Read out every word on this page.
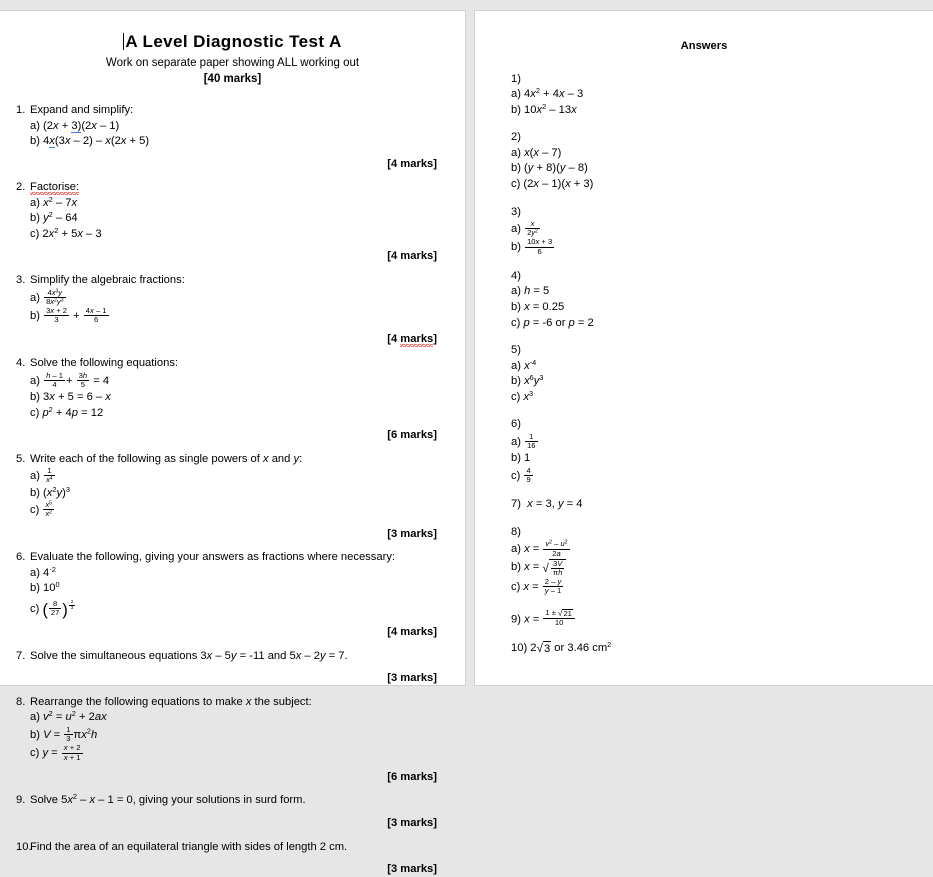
A Level Diagnostic Test A
Work on separate paper showing ALL working out
[40 marks]
1. Expand and simplify:
a) (2x + 3)(2x – 1)
b) 4x(3x – 2) – x(2x + 5)
[4 marks]
2. Factorise:
a) $x^2 - 7x$
b) $y^2 - 64$
c) $2x^2 + 5x - 3$
[4 marks]
3. Simplify the algebraic fractions:
$a) \frac{4x^3y}{8x^2y^3}$
$b) \frac{3x + 2}{3} + \frac{4x - 1}{6}$
[4 marks]
4. Solve the following equations:
$a) \frac{h - 1}{4} + \frac{3h}{5} = 4$
b) 3x + 5 = 6 – x
c) $p^2 + 4p = 12$
[6 marks]
5. Write each of the following as single powers of x and y:
$a) \frac{1}{x^4}$
b) $(x^2y)^3$
$c) \frac{x^5}{x^2}$
[3 marks]
6. Evaluate the following, giving your answers as fractions where necessary:
a) $4^{-2}$
b) $10^0$
c) ( $\frac{8}{27}$ ) $^{\frac{2}{3}}$
[4 marks]
7. Solve the simultaneous equations 3x – 5y = -11 and 5x – 2y = 7.
[3 marks]
8. Rearrange the following equations to make x the subject:
a) $v^2 = u^2 + 2ax$
b) $V = \frac{1}{3} \pi x^2h$
c) $y = \frac{x + 2}{x + 1}$
[6 marks]
9. Solve $5x^2 - x - 1 = 0$, giving your solutions in surd form.
[3 marks]
10.
Find the area of an equilateral triangle with sides of length 2 cm.
[3 marks]
Answers
1)
a) $4x^2 + 4x - 3$
b) $10x^2 - 13x$
2)
a) x(x – 7)
b) (y + 8)(y – 8)
c) (2x – 1)(x + 3)
3)
$a) \frac{x}{2y^2}$
$b) \frac{10x + 3}{6}$
4)
a) h = 5
b) x = 0.25
c) p = -6 or p = 2
5)
a) $x^{-4}$
b) $x^6y^3$
c) $x^3$
6)
$a) \frac{1}{16}$
b) 1
$c) \frac{4}{9}$
7) x = 3, y = 4
8)
a) $x = \frac{v^2 - u^2}{2a}$
b) x = √ $\frac{3V}{\pi h}$
c) $x = \frac{2 - y}{y - 1}$
9) $x = \frac{1 \pm √21}{10}$
10) 2√3 or 3.46 $cm^2$
